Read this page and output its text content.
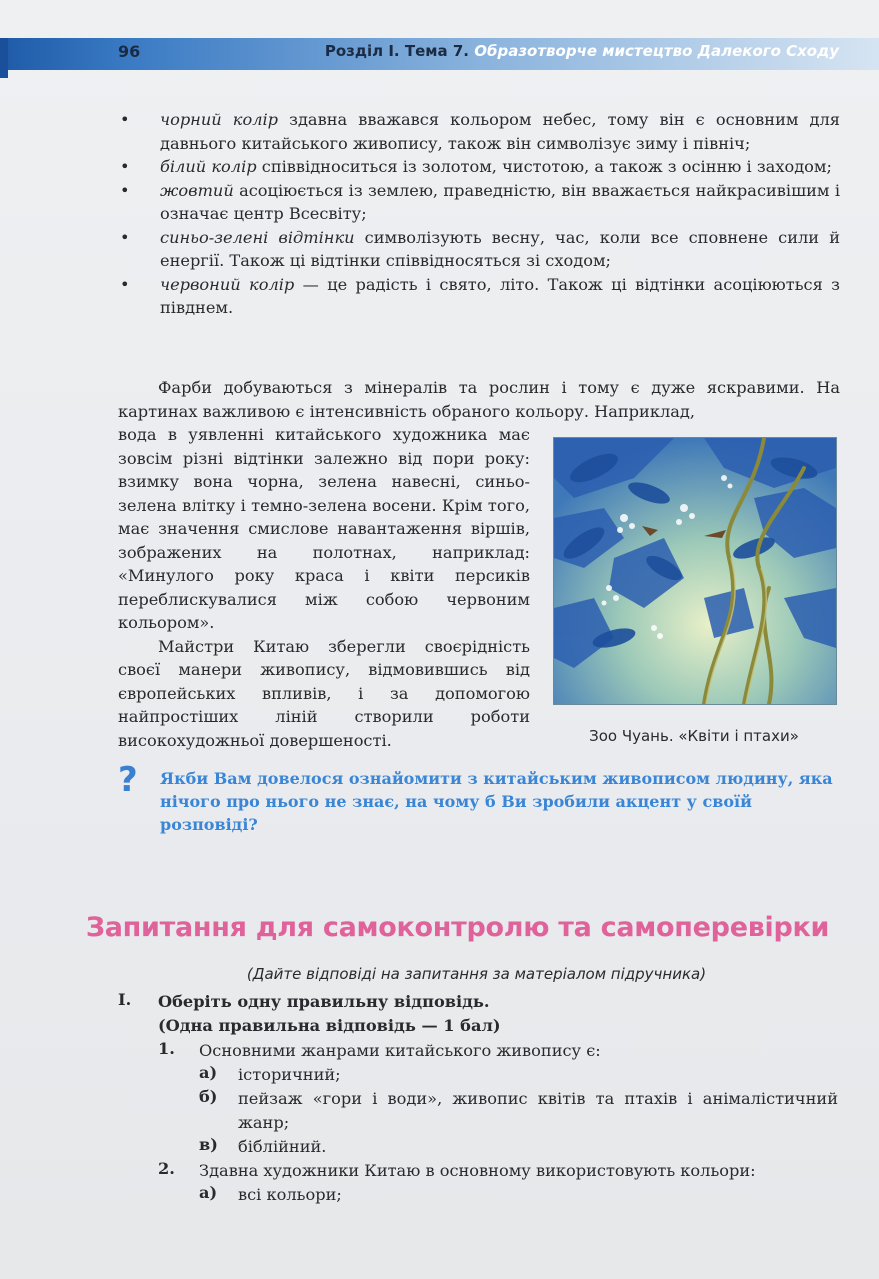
96	Розділ І. Тема 7. Образотворче мистецтво Далекого Сходу
• чорний колір здавна вважався кольором небес, тому він є основним для давнього китайського живопису, також він символізує зиму і північ;
• білий колір співвідноситься із золотом, чистотою, а також з осінню і заходом;
• жовтий асоціюється із землею, праведністю, він вважається найкрасивішим і означає центр Всесвіту;
• синьо-зелені відтінки символізують весну, час, коли все сповнене сили й енергії. Також ці відтінки співвідносяться зі сходом;
• червоний колір — це радість і свято, літо. Також ці відтінки асоціюються з півднем.
Фарби добуваються з мінералів та рослин і тому є дуже яскравими. На картинах важливою є інтенсивність обраного кольору. Наприклад,

вода в уявленні китайського художника має зовсім різні відтінки залежно від пори року: взимку вона чорна, зелена навесні, синьо-зелена влітку і темно-зелена восени. Крім того, має значення смислове навантаження віршів, зображених на полотнах, наприклад: «Минулого року краса і квіти персиків переблискувалися між собою червоним кольором».

Майстри Китаю зберегли своєрідність своєї манери живопису, відмовившись від європейських впливів, і за допомогою найпростіших ліній створили роботи високохудожньої довершеності.	Зоо Чуань. «Квіти і птахи»
? Якби Вам довелося ознайомити з китайським живописом людину, яка нічого про нього не знає, на чому б Ви зробили акцент у своїй розповіді?
Запитання для самоконтролю та самоперевірки
(Дайте відповіді на запитання за матеріалом підручника)
I. Оберіть одну правильну відповідь.
(Одна правильна відповідь — 1 бал)
1. Основними жанрами китайського живопису є:
а) історичний;
б) пейзаж «гори і води», живопис квітів та птахів і анімалістичний жанр;
в) біблійний.
2. Здавна художники Китаю в основному використовують кольори:
а) всі кольори;
